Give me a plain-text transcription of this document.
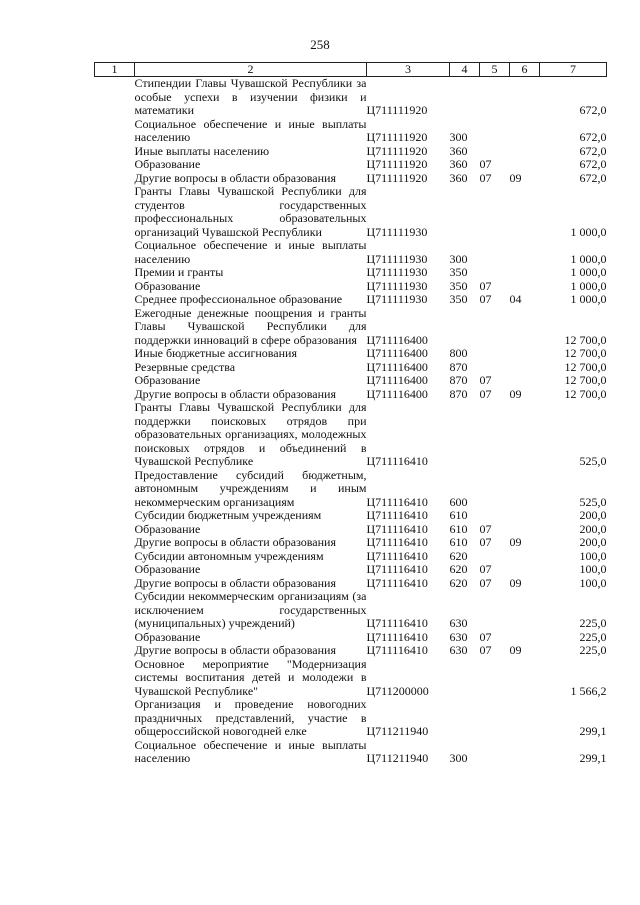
258
1	2	3	4	5	6	7
	Стипендии Главы Чувашской Республики за особые успехи в изучении физики и математики	Ц711111920				672,0
	Социальное обеспечение и иные выплаты населению	Ц711111920	300			672,0
	Иные выплаты населению	Ц711111920	360			672,0
	Образование	Ц711111920	360	07		672,0
	Другие вопросы в области образования	Ц711111920	360	07	09	672,0
	Гранты Главы Чувашской Республики для студентов государственных профессиональных образовательных организаций Чувашской Республики	Ц711111930				1 000,0
	Социальное обеспечение и иные выплаты населению	Ц711111930	300			1 000,0
	Премии и гранты	Ц711111930	350			1 000,0
	Образование	Ц711111930	350	07		1 000,0
	Среднее профессиональное образование	Ц711111930	350	07	04	1 000,0
	Ежегодные денежные поощрения и гранты Главы Чувашской Республики для поддержки инноваций в сфере образования	Ц711116400				12 700,0
	Иные бюджетные ассигнования	Ц711116400	800			12 700,0
	Резервные средства	Ц711116400	870			12 700,0
	Образование	Ц711116400	870	07		12 700,0
	Другие вопросы в области образования	Ц711116400	870	07	09	12 700,0
	Гранты Главы Чувашской Республики для поддержки поисковых отрядов при образовательных организациях, молодежных поисковых отрядов и объединений в Чувашской Республике	Ц711116410				525,0
	Предоставление субсидий бюджетным, автономным учреждениям и иным некоммерческим организациям	Ц711116410	600			525,0
	Субсидии бюджетным учреждениям	Ц711116410	610			200,0
	Образование	Ц711116410	610	07		200,0
	Другие вопросы в области образования	Ц711116410	610	07	09	200,0
	Субсидии автономным учреждениям	Ц711116410	620			100,0
	Образование	Ц711116410	620	07		100,0
	Другие вопросы в области образования	Ц711116410	620	07	09	100,0
	Субсидии некоммерческим организациям (за исключением государственных (муниципальных) учреждений)	Ц711116410	630			225,0
	Образование	Ц711116410	630	07		225,0
	Другие вопросы в области образования	Ц711116410	630	07	09	225,0
	Основное мероприятие "Модернизация системы воспитания детей и молодежи в Чувашской Республике"	Ц711200000				1 566,2
	Организация и проведение новогодних праздничных представлений, участие в общероссийской новогодней елке	Ц711211940				299,1
	Социальное обеспечение и иные выплаты населению	Ц711211940	300			299,1
